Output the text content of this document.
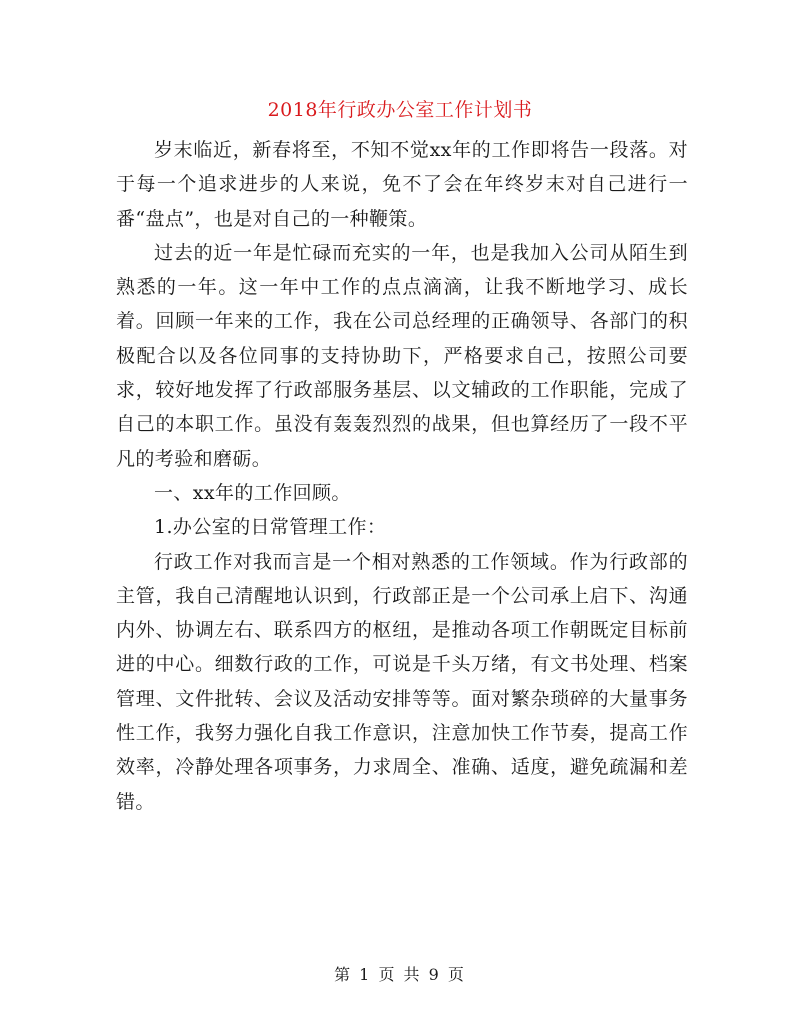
2018年行政办公室工作计划书

岁末临近，新春将至，不知不觉xx年的工作即将告一段落。对于每一个追求进步的人来说，免不了会在年终岁末对自己进行一番“盘点”，也是对自己的一种鞭策。

过去的近一年是忙碌而充实的一年，也是我加入公司从陌生到熟悉的一年。这一年中工作的点点滴滴，让我不断地学习、成长着。回顾一年来的工作，我在公司总经理的正确领导、各部门的积极配合以及各位同事的支持协助下，严格要求自己，按照公司要求，较好地发挥了行政部服务基层、以文辅政的工作职能，完成了自己的本职工作。虽没有轰轰烈烈的战果，但也算经历了一段不平凡的考验和磨砺。

一、xx年的工作回顾。

1.办公室的日常管理工作：

行政工作对我而言是一个相对熟悉的工作领域。作为行政部的主管，我自己清醒地认识到，行政部正是一个公司承上启下、沟通内外、协调左右、联系四方的枢纽，是推动各项工作朝既定目标前进的中心。细数行政的工作，可说是千头万绪，有文书处理、档案管理、文件批转、会议及活动安排等等。面对繁杂琐碎的大量事务性工作，我努力强化自我工作意识，注意加快工作节奏，提高工作效率，冷静处理各项事务，力求周全、准确、适度，避免疏漏和差错。

第 1 页 共 9 页
